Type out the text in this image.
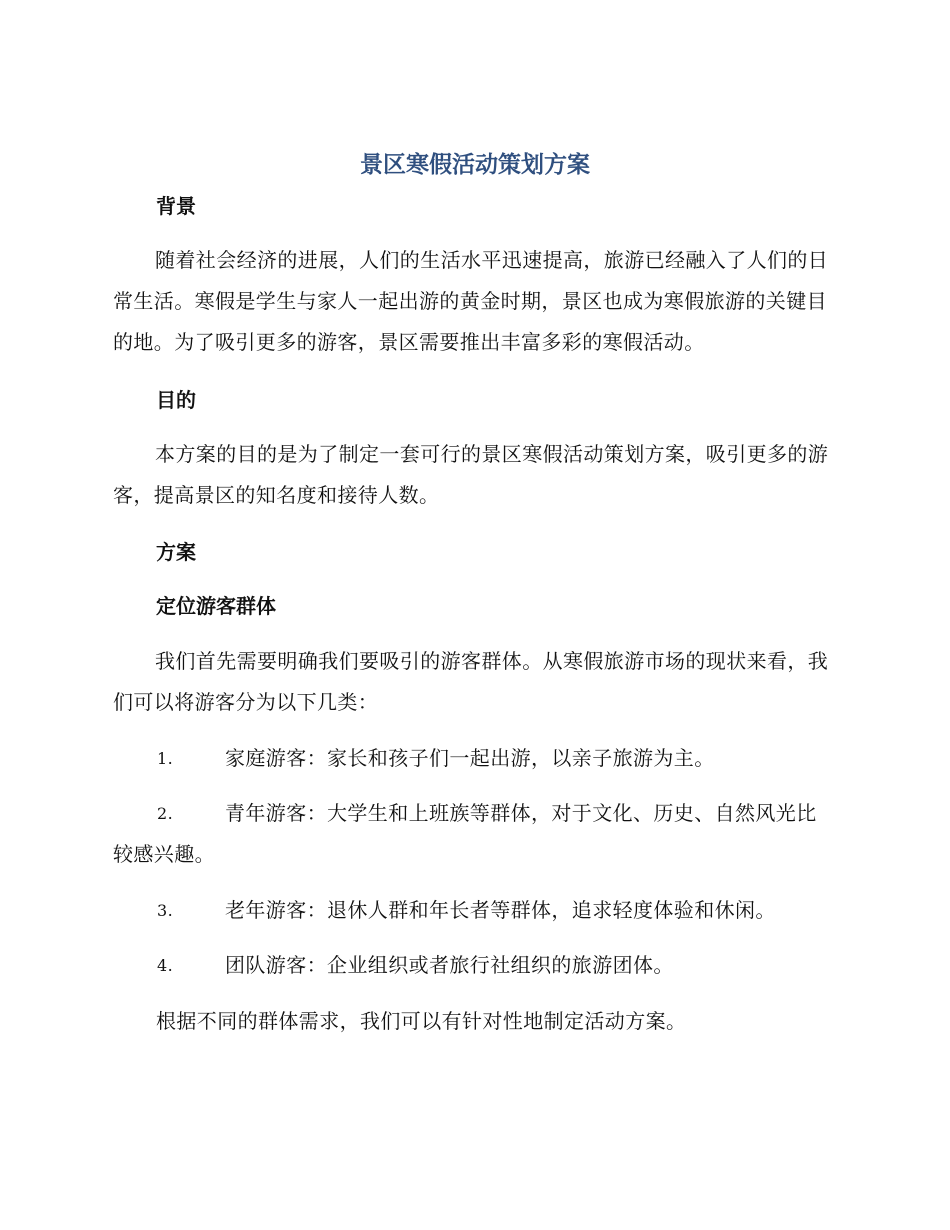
景区寒假活动策划方案
背景
随着社会经济的进展，人们的生活水平迅速提高，旅游已经融入了人们的日常生活。寒假是学生与家人一起出游的黄金时期，景区也成为寒假旅游的关键目的地。为了吸引更多的游客，景区需要推出丰富多彩的寒假活动。
目的
本方案的目的是为了制定一套可行的景区寒假活动策划方案，吸引更多的游客，提高景区的知名度和接待人数。
方案
定位游客群体
我们首先需要明确我们要吸引的游客群体。从寒假旅游市场的现状来看，我们可以将游客分为以下几类：
1.	家庭游客：家长和孩子们一起出游，以亲子旅游为主。
2.	青年游客：大学生和上班族等群体，对于文化、历史、自然风光比较感兴趣。
3.	老年游客：退休人群和年长者等群体，追求轻度体验和休闲。
4.	团队游客：企业组织或者旅行社组织的旅游团体。
根据不同的群体需求，我们可以有针对性地制定活动方案。
